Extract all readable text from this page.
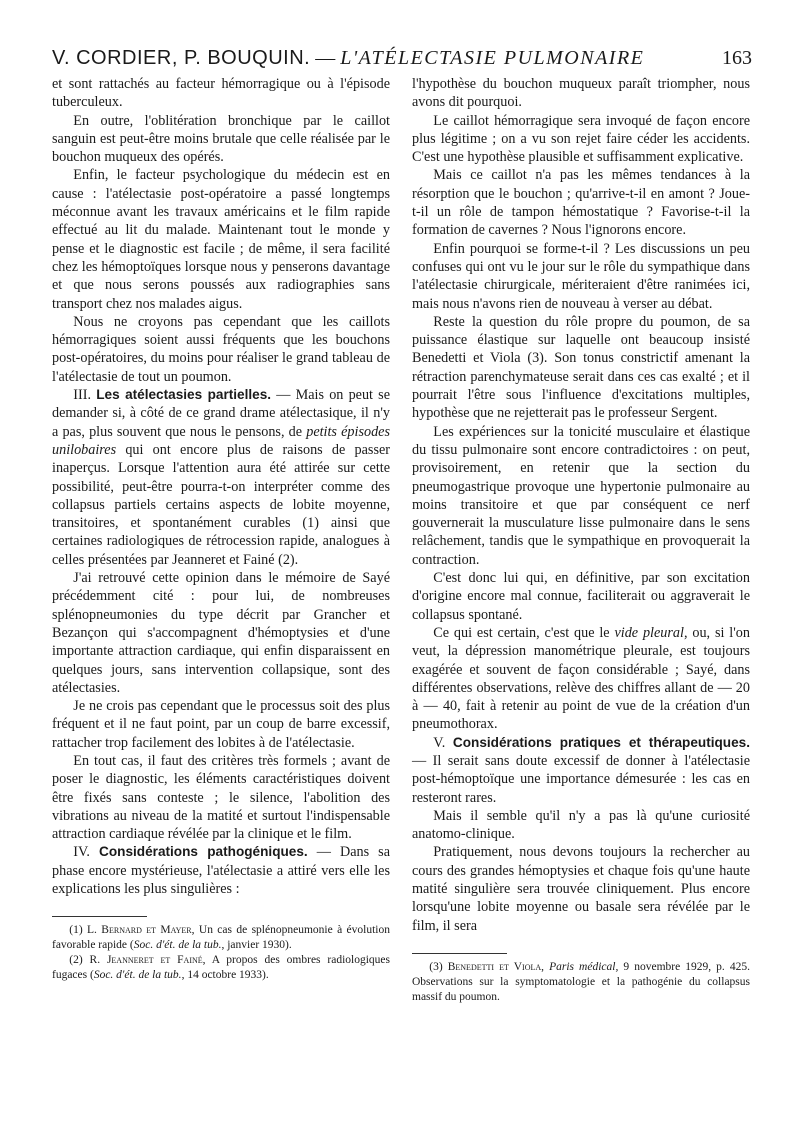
V. CORDIER, P. BOUQUIN. — L'ATÉLECTASIE PULMONAIRE	163

et sont rattachés au facteur hémorragique ou à l'épisode tuberculeux.

En outre, l'oblitération bronchique par le caillot sanguin est peut-être moins brutale que celle réalisée par le bouchon muqueux des opérés.

Enfin, le facteur psychologique du médecin est en cause : l'atélectasie post-opératoire a passé longtemps méconnue avant les travaux américains et le film rapide effectué au lit du malade. Maintenant tout le monde y pense et le diagnostic est facile ; de même, il sera facilité chez les hémoptoïques lorsque nous y penserons davantage et que nous serons poussés aux radiographies sans transport chez nos malades aigus.

Nous ne croyons pas cependant que les caillots hémorragiques soient aussi fréquents que les bouchons post-opératoires, du moins pour réaliser le grand tableau de l'atélectasie de tout un poumon.

III. Les atélectasies partielles. — Mais on peut se demander si, à côté de ce grand drame atélectasique, il n'y a pas, plus souvent que nous le pensons, de petits épisodes unilobaires qui ont encore plus de raisons de passer inaperçus. Lorsque l'attention aura été attirée sur cette possibilité, peut-être pourra-t-on interpréter comme des collapsus partiels certains aspects de lobite moyenne, transitoires, et spontanément curables (1) ainsi que certaines radiologiques de rétrocession rapide, analogues à celles présentées par Jeanneret et Fainé (2).

J'ai retrouvé cette opinion dans le mémoire de Sayé précédemment cité : pour lui, de nombreuses splénopneumonies du type décrit par Grancher et Bezançon qui s'accompagnent d'hémoptysies et d'une importante attraction cardiaque, qui enfin disparaissent en quelques jours, sans intervention collapsique, sont des atélectasies.

Je ne crois pas cependant que le processus soit des plus fréquent et il ne faut point, par un coup de barre excessif, rattacher trop facilement des lobites à de l'atélectasie.

En tout cas, il faut des critères très formels ; avant de poser le diagnostic, les éléments caractéristiques doivent être fixés sans conteste ; le silence, l'abolition des vibrations au niveau de la matité et surtout l'indispensable attraction cardiaque révélée par la clinique et le film.

IV. Considérations pathogéniques. — Dans sa phase encore mystérieuse, l'atélectasie a attiré vers elle les explications les plus singulières :

(1) L. Bernard et Mayer, Un cas de splénopneumonie à évolution favorable rapide (Soc. d'ét. de la tub., janvier 1930).

(2) R. Jeanneret et Fainé, A propos des ombres radiologiques fugaces (Soc. d'ét. de la tub., 14 octobre 1933).

l'hypothèse du bouchon muqueux paraît triompher, nous avons dit pourquoi.

Le caillot hémorragique sera invoqué de façon encore plus légitime ; on a vu son rejet faire céder les accidents. C'est une hypothèse plausible et suffisamment explicative.

Mais ce caillot n'a pas les mêmes tendances à la résorption que le bouchon ; qu'arrive-t-il en amont ? Joue-t-il un rôle de tampon hémostatique ? Favorise-t-il la formation de cavernes ? Nous l'ignorons encore.

Enfin pourquoi se forme-t-il ? Les discussions un peu confuses qui ont vu le jour sur le rôle du sympathique dans l'atélectasie chirurgicale, mériteraient d'être ranimées ici, mais nous n'avons rien de nouveau à verser au débat.

Reste la question du rôle propre du poumon, de sa puissance élastique sur laquelle ont beaucoup insisté Benedetti et Viola (3). Son tonus constrictif amenant la rétraction parenchymateuse serait dans ces cas exalté ; et il pourrait l'être sous l'influence d'excitations multiples, hypothèse que ne rejetterait pas le professeur Sergent.

Les expériences sur la tonicité musculaire et élastique du tissu pulmonaire sont encore contradictoires : on peut, provisoirement, en retenir que la section du pneumogastrique provoque une hypertonie pulmonaire au moins transitoire et que par conséquent ce nerf gouvernerait la musculature lisse pulmonaire dans le sens relâchement, tandis que le sympathique en provoquerait la contraction.

C'est donc lui qui, en définitive, par son excitation d'origine encore mal connue, faciliterait ou aggraverait le collapsus spontané.

Ce qui est certain, c'est que le vide pleural, ou, si l'on veut, la dépression manométrique pleurale, est toujours exagérée et souvent de façon considérable ; Sayé, dans différentes observations, relève des chiffres allant de — 20 à — 40, fait à retenir au point de vue de la création d'un pneumothorax.

V. Considérations pratiques et thérapeutiques. — Il serait sans doute excessif de donner à l'atélectasie post-hémoptoïque une importance démesurée : les cas en resteront rares.

Mais il semble qu'il n'y a pas là qu'une curiosité anatomo-clinique.

Pratiquement, nous devons toujours la rechercher au cours des grandes hémoptysies et chaque fois qu'une haute matité singulière sera trouvée cliniquement. Plus encore lorsqu'une lobite moyenne ou basale sera révélée par le film, il sera

(3) Benedetti et Viola, Paris médical, 9 novembre 1929, p. 425. Observations sur la symptomatologie et la pathogénie du collapsus massif du poumon.
